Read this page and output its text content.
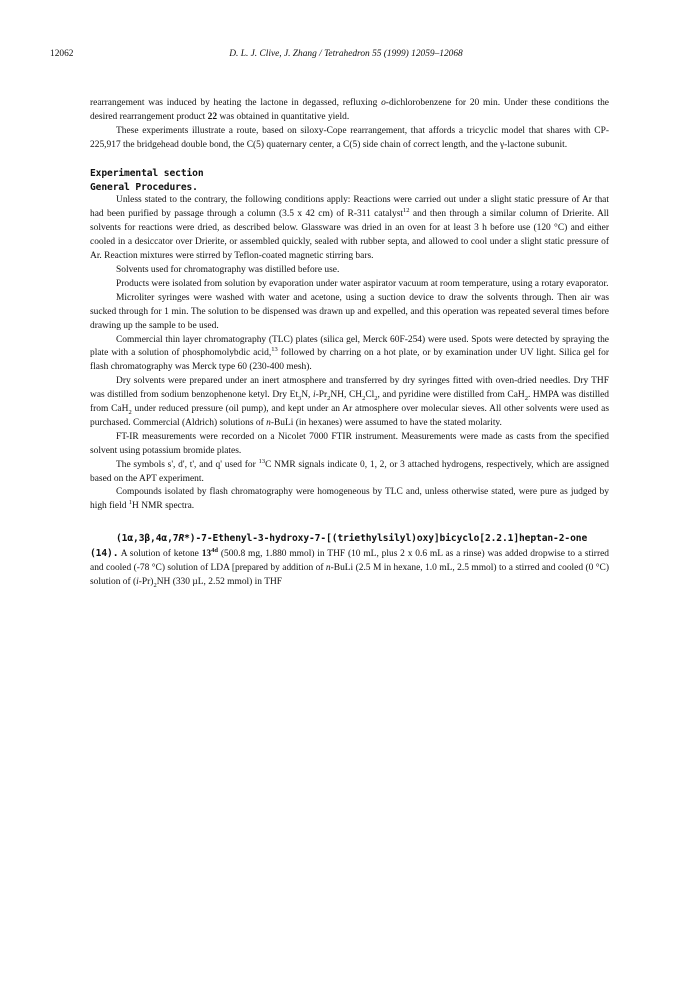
12062	D. L. J. Clive, J. Zhang / Tetrahedron 55 (1999) 12059–12068

rearrangement was induced by heating the lactone in degassed, refluxing o-dichlorobenzene for 20 min. Under these conditions the desired rearrangement product 22 was obtained in quantitative yield.

These experiments illustrate a route, based on siloxy-Cope rearrangement, that affords a tricyclic model that shares with CP-225,917 the bridgehead double bond, the C(5) quaternary center, a C(5) side chain of correct length, and the γ-lactone subunit.

Experimental section

General Procedures.

Unless stated to the contrary, the following conditions apply: Reactions were carried out under a slight static pressure of Ar that had been purified by passage through a column (3.5 x 42 cm) of R-311 catalyst$^{12}$ and then through a similar column of Drierite. All solvents for reactions were dried, as described below. Glassware was dried in an oven for at least 3 h before use (120 °C) and either cooled in a desiccator over Drierite, or assembled quickly, sealed with rubber septa, and allowed to cool under a slight static pressure of Ar. Reaction mixtures were stirred by Teflon-coated magnetic stirring bars.

Solvents used for chromatography was distilled before use.

Products were isolated from solution by evaporation under water aspirator vacuum at room temperature, using a rotary evaporator.

Microliter syringes were washed with water and acetone, using a suction device to draw the solvents through. Then air was sucked through for 1 min. The solution to be dispensed was drawn up and expelled, and this operation was repeated several times before drawing up the sample to be used.

Commercial thin layer chromatography (TLC) plates (silica gel, Merck 60F-254) were used. Spots were detected by spraying the plate with a solution of phosphomolybdic acid,$^{13}$ followed by charring on a hot plate, or by examination under UV light. Silica gel for flash chromatography was Merck type 60 (230-400 mesh).

Dry solvents were prepared under an inert atmosphere and transferred by dry syringes fitted with oven-dried needles. Dry THF was distilled from sodium benzophenone ketyl. Dry $Et_3N$, $i-Pr_2NH$, $CH_2Cl_2$, and pyridine were distilled from CaH$_2$. HMPA was distilled from CaH$_2$ under reduced pressure (oil pump), and kept under an Ar atmosphere over molecular sieves. All other solvents were used as purchased. Commercial (Aldrich) solutions of n-BuLi (in hexanes) were assumed to have the stated molarity.

FT-IR measurements were recorded on a Nicolet 7000 FTIR instrument. Measurements were made as casts from the specified solvent using potassium bromide plates.

The symbols s', d', t', and q' used for $^{13}$C NMR signals indicate 0, 1, 2, or 3 attached hydrogens, respectively, which are assigned based on the APT experiment.

Compounds isolated by flash chromatography were homogeneous by TLC and, unless otherwise stated, were pure as judged by high field $^1$H NMR spectra.

(1α,3β,4α,7R*)-7-Ethenyl-3-hydroxy-7-[(triethylsilyl)oxy]bicyclo[2.2.1]heptan-2-one (14). A solution of ketone $13^{4d}$ (500.8 mg, 1.880 mmol) in THF (10 mL, plus 2 x 0.6 mL as a rinse) was added dropwise to a stirred and cooled (-78 °C) solution of LDA [prepared by addition of n-BuLi (2.5 M in hexane, 1.0 mL, 2.5 mmol) to a stirred and cooled (0 °C) solution of $(i-Pr)_2NH$ (330 µL, 2.52 mmol) in THF
